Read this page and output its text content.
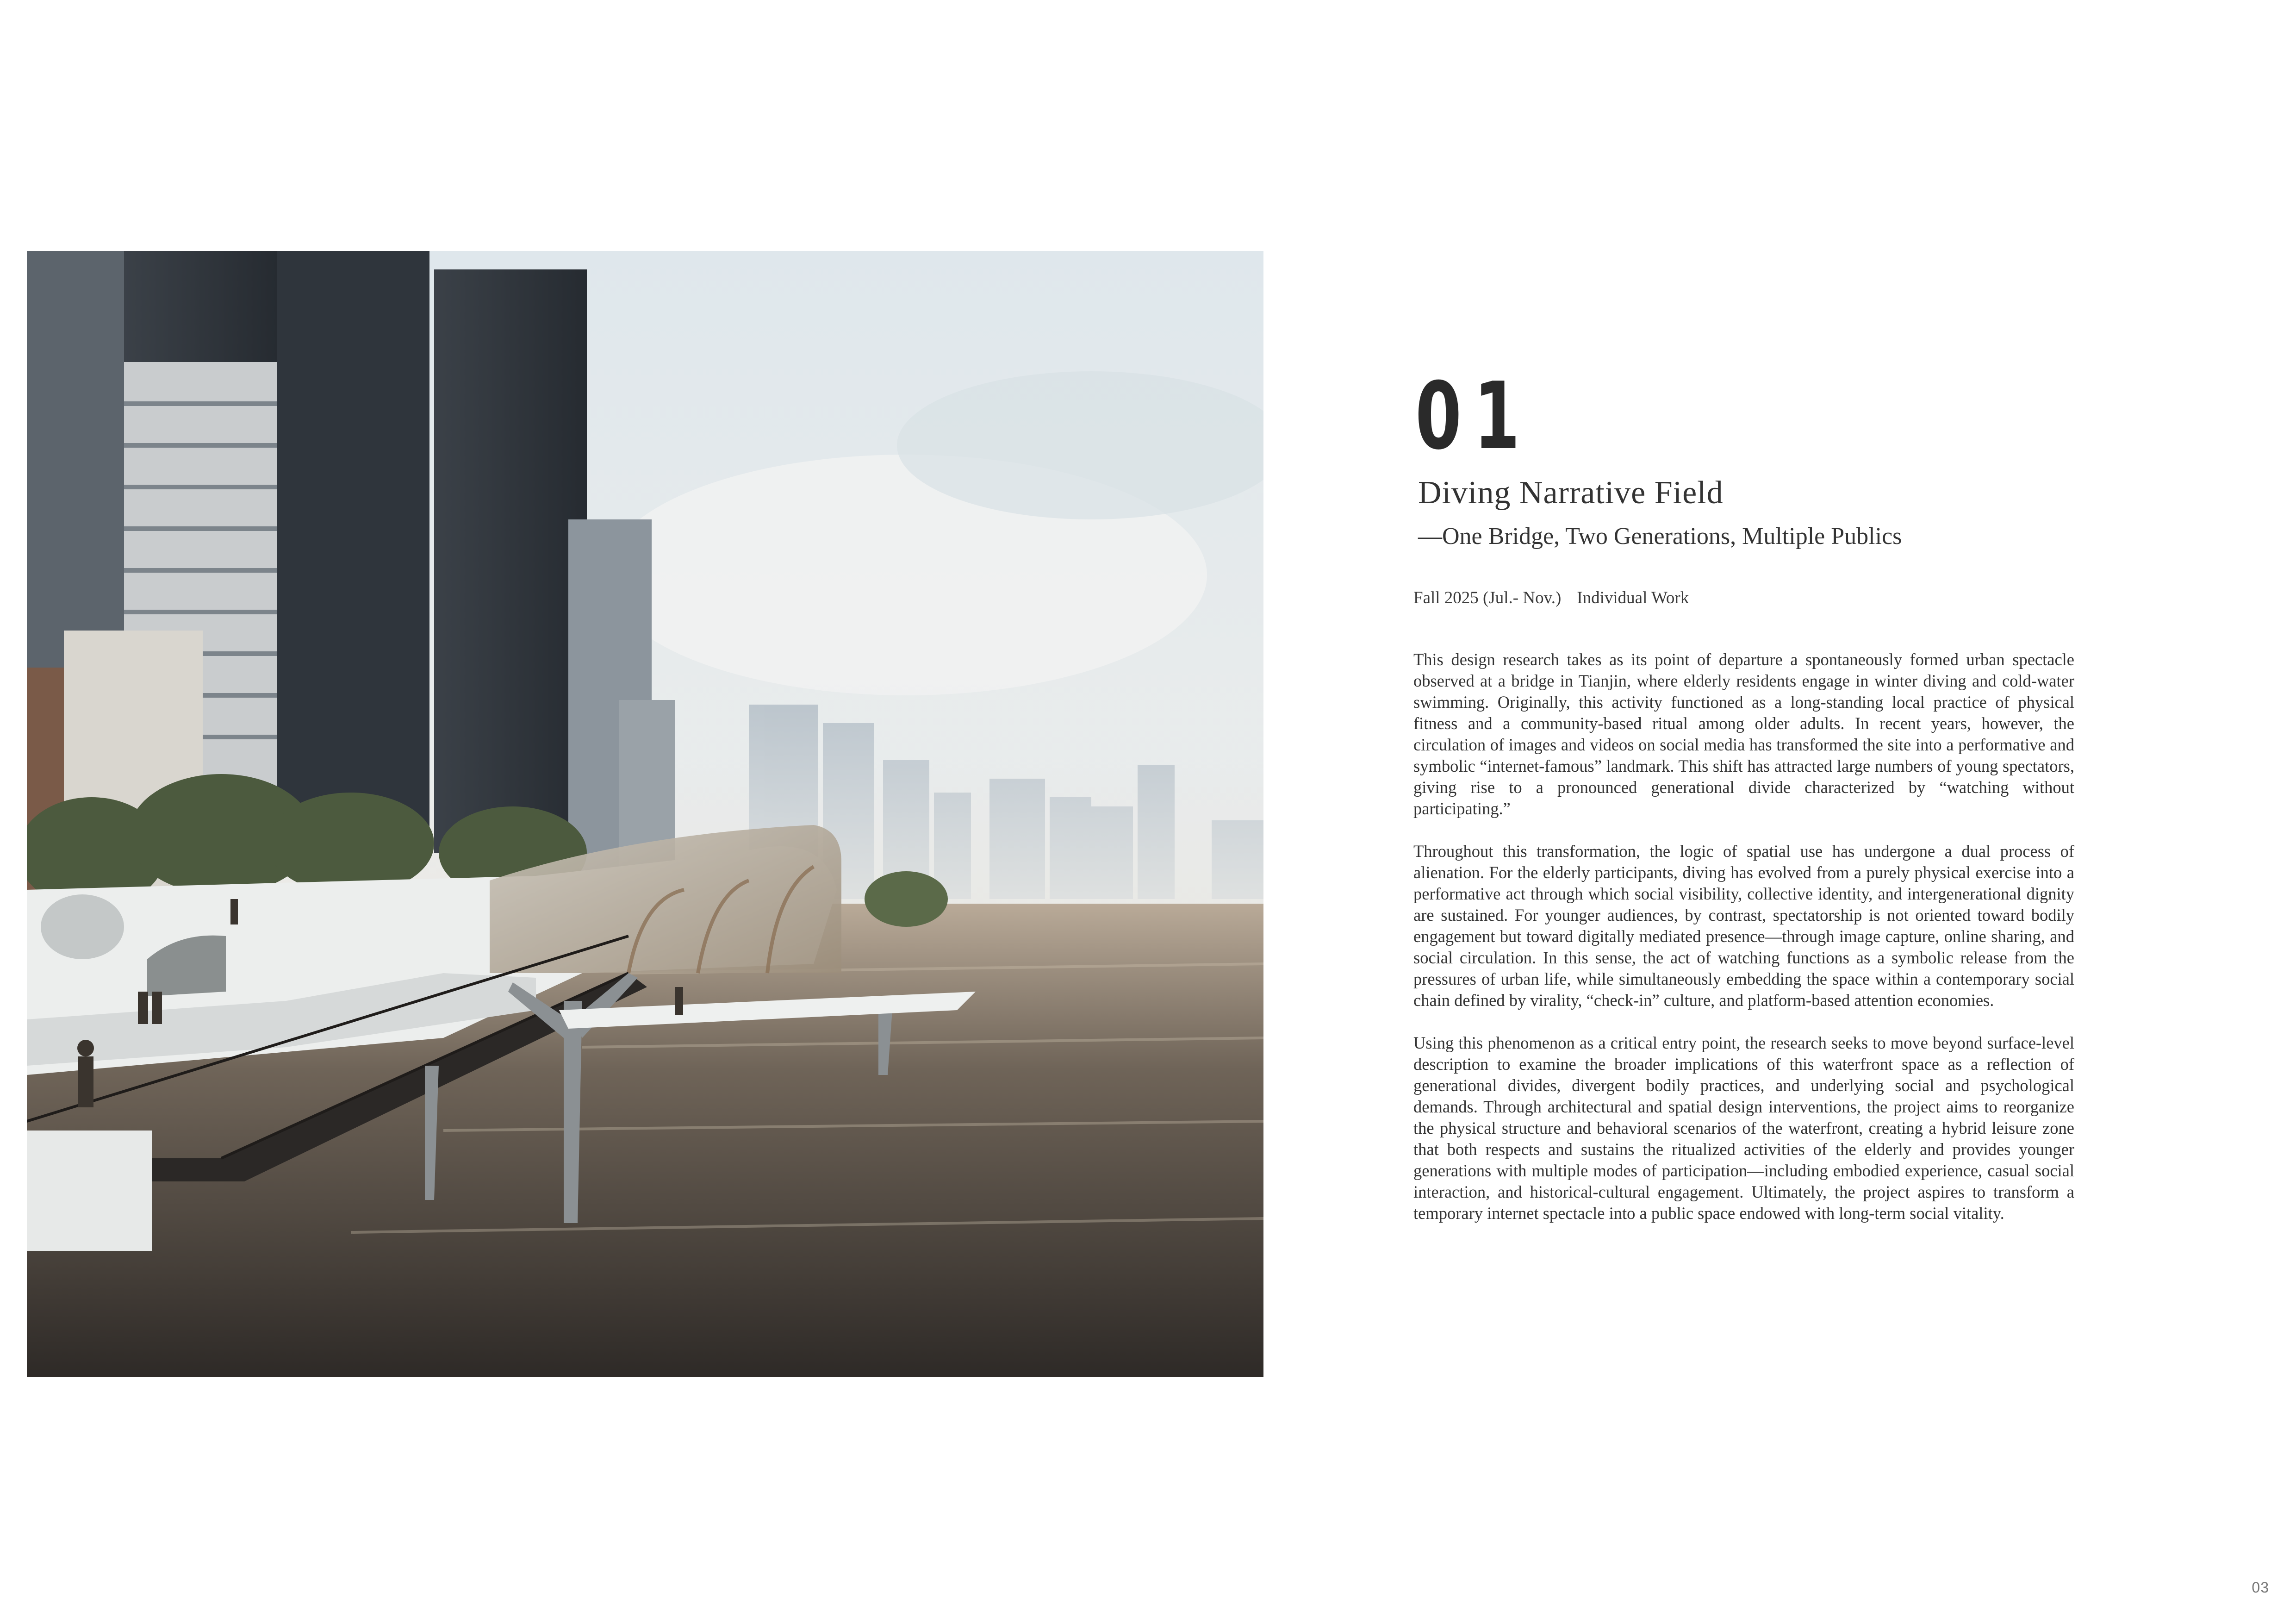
01
Diving Narrative Field
—One Bridge, Two Generations, Multiple Publics
Fall 2025 (Jul.- Nov.) Individual Work

This design research takes as its point of departure a spontaneously formed urban spectacle observed at a bridge in Tianjin, where elderly residents engage in winter diving and cold-water swimming. Originally, this activity functioned as a long-standing local practice of physical fitness and a community-based ritual among older adults. In recent years, however, the circulation of images and videos on social media has transformed the site into a performative and symbolic “internet-famous” landmark. This shift has attracted large numbers of young spectators, giving rise to a pronounced generational divide characterized by “watching without participating.”

Throughout this transformation, the logic of spatial use has undergone a dual process of alienation. For the elderly participants, diving has evolved from a purely physical exercise into a performative act through which social visibility, collective identity, and intergenerational dignity are sustained. For younger audiences, by contrast, spectatorship is not oriented toward bodily engagement but toward digitally mediated presence—through image capture, online sharing, and social circulation. In this sense, the act of watching functions as a symbolic release from the pressures of urban life, while simultaneously embedding the space within a contemporary social chain defined by virality, “check-in” culture, and platform-based attention economies.

Using this phenomenon as a critical entry point, the research seeks to move beyond surface-level description to examine the broader implications of this waterfront space as a reflection of generational divides, divergent bodily practices, and underlying social and psychological demands. Through architectural and spatial design interventions, the project aims to reorganize the physical structure and behavioral scenarios of the waterfront, creating a hybrid leisure zone that both respects and sustains the ritualized activities of the elderly and provides younger generations with multiple modes of participation—including embodied experience, casual social interaction, and historical-cultural engagement. Ultimately, the project aspires to transform a temporary internet spectacle into a public space endowed with long-term social vitality.

03
